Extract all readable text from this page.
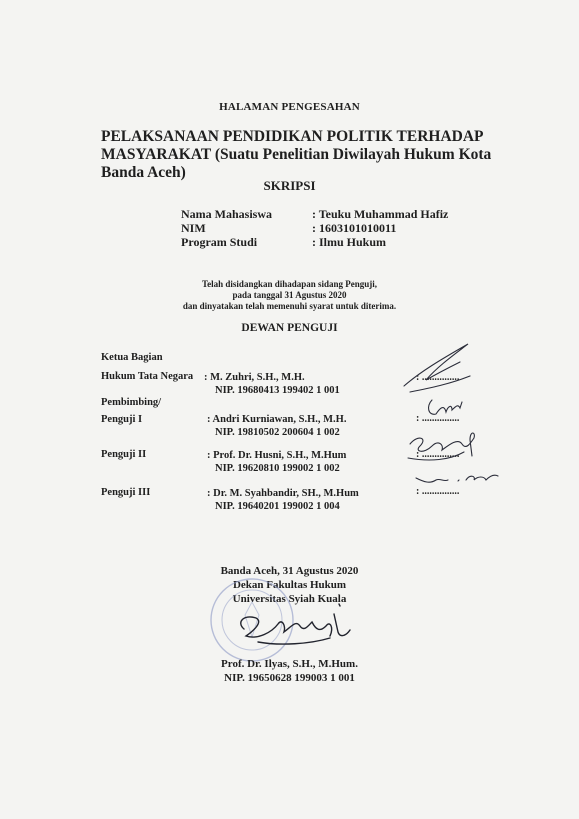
HALAMAN PENGESAHAN
PELAKSANAAN PENDIDIKAN POLITIK TERHADAP
MASYARAKAT (Suatu Penelitian Diwilayah Hukum Kota
Banda Aceh)
SKRIPSI
Nama Mahasiswa	: Teuku Muhammad Hafiz
NIM	: 1603101010011
Program Studi	: Ilmu Hukum
Telah disidangkan dihadapan sidang Penguji,
pada tanggal 31 Agustus 2020
dan dinyatakan telah memenuhi syarat untuk diterima.
DEWAN PENGUJI
Ketua Bagian
Hukum Tata Negara : M. Zuhri, S.H., M.H.
NIP. 19680413 199402 1 001
: ...............
Pembimbing/
Penguji I	: Andri Kurniawan, S.H., M.H.
NIP. 19810502 200604 1 002
: ...............
Penguji II	: Prof. Dr. Husni, S.H., M.Hum
NIP. 19620810 199002 1 002
: ...............
Penguji III	: Dr. M. Syahbandir, SH., M.Hum
NIP. 19640201 199002 1 004
: ...............
Banda Aceh, 31 Agustus 2020
Dekan Fakultas Hukum
Universitas Syiah Kuala
Prof. Dr. Ilyas, S.H., M.Hum.
NIP. 19650628 199003 1 001
